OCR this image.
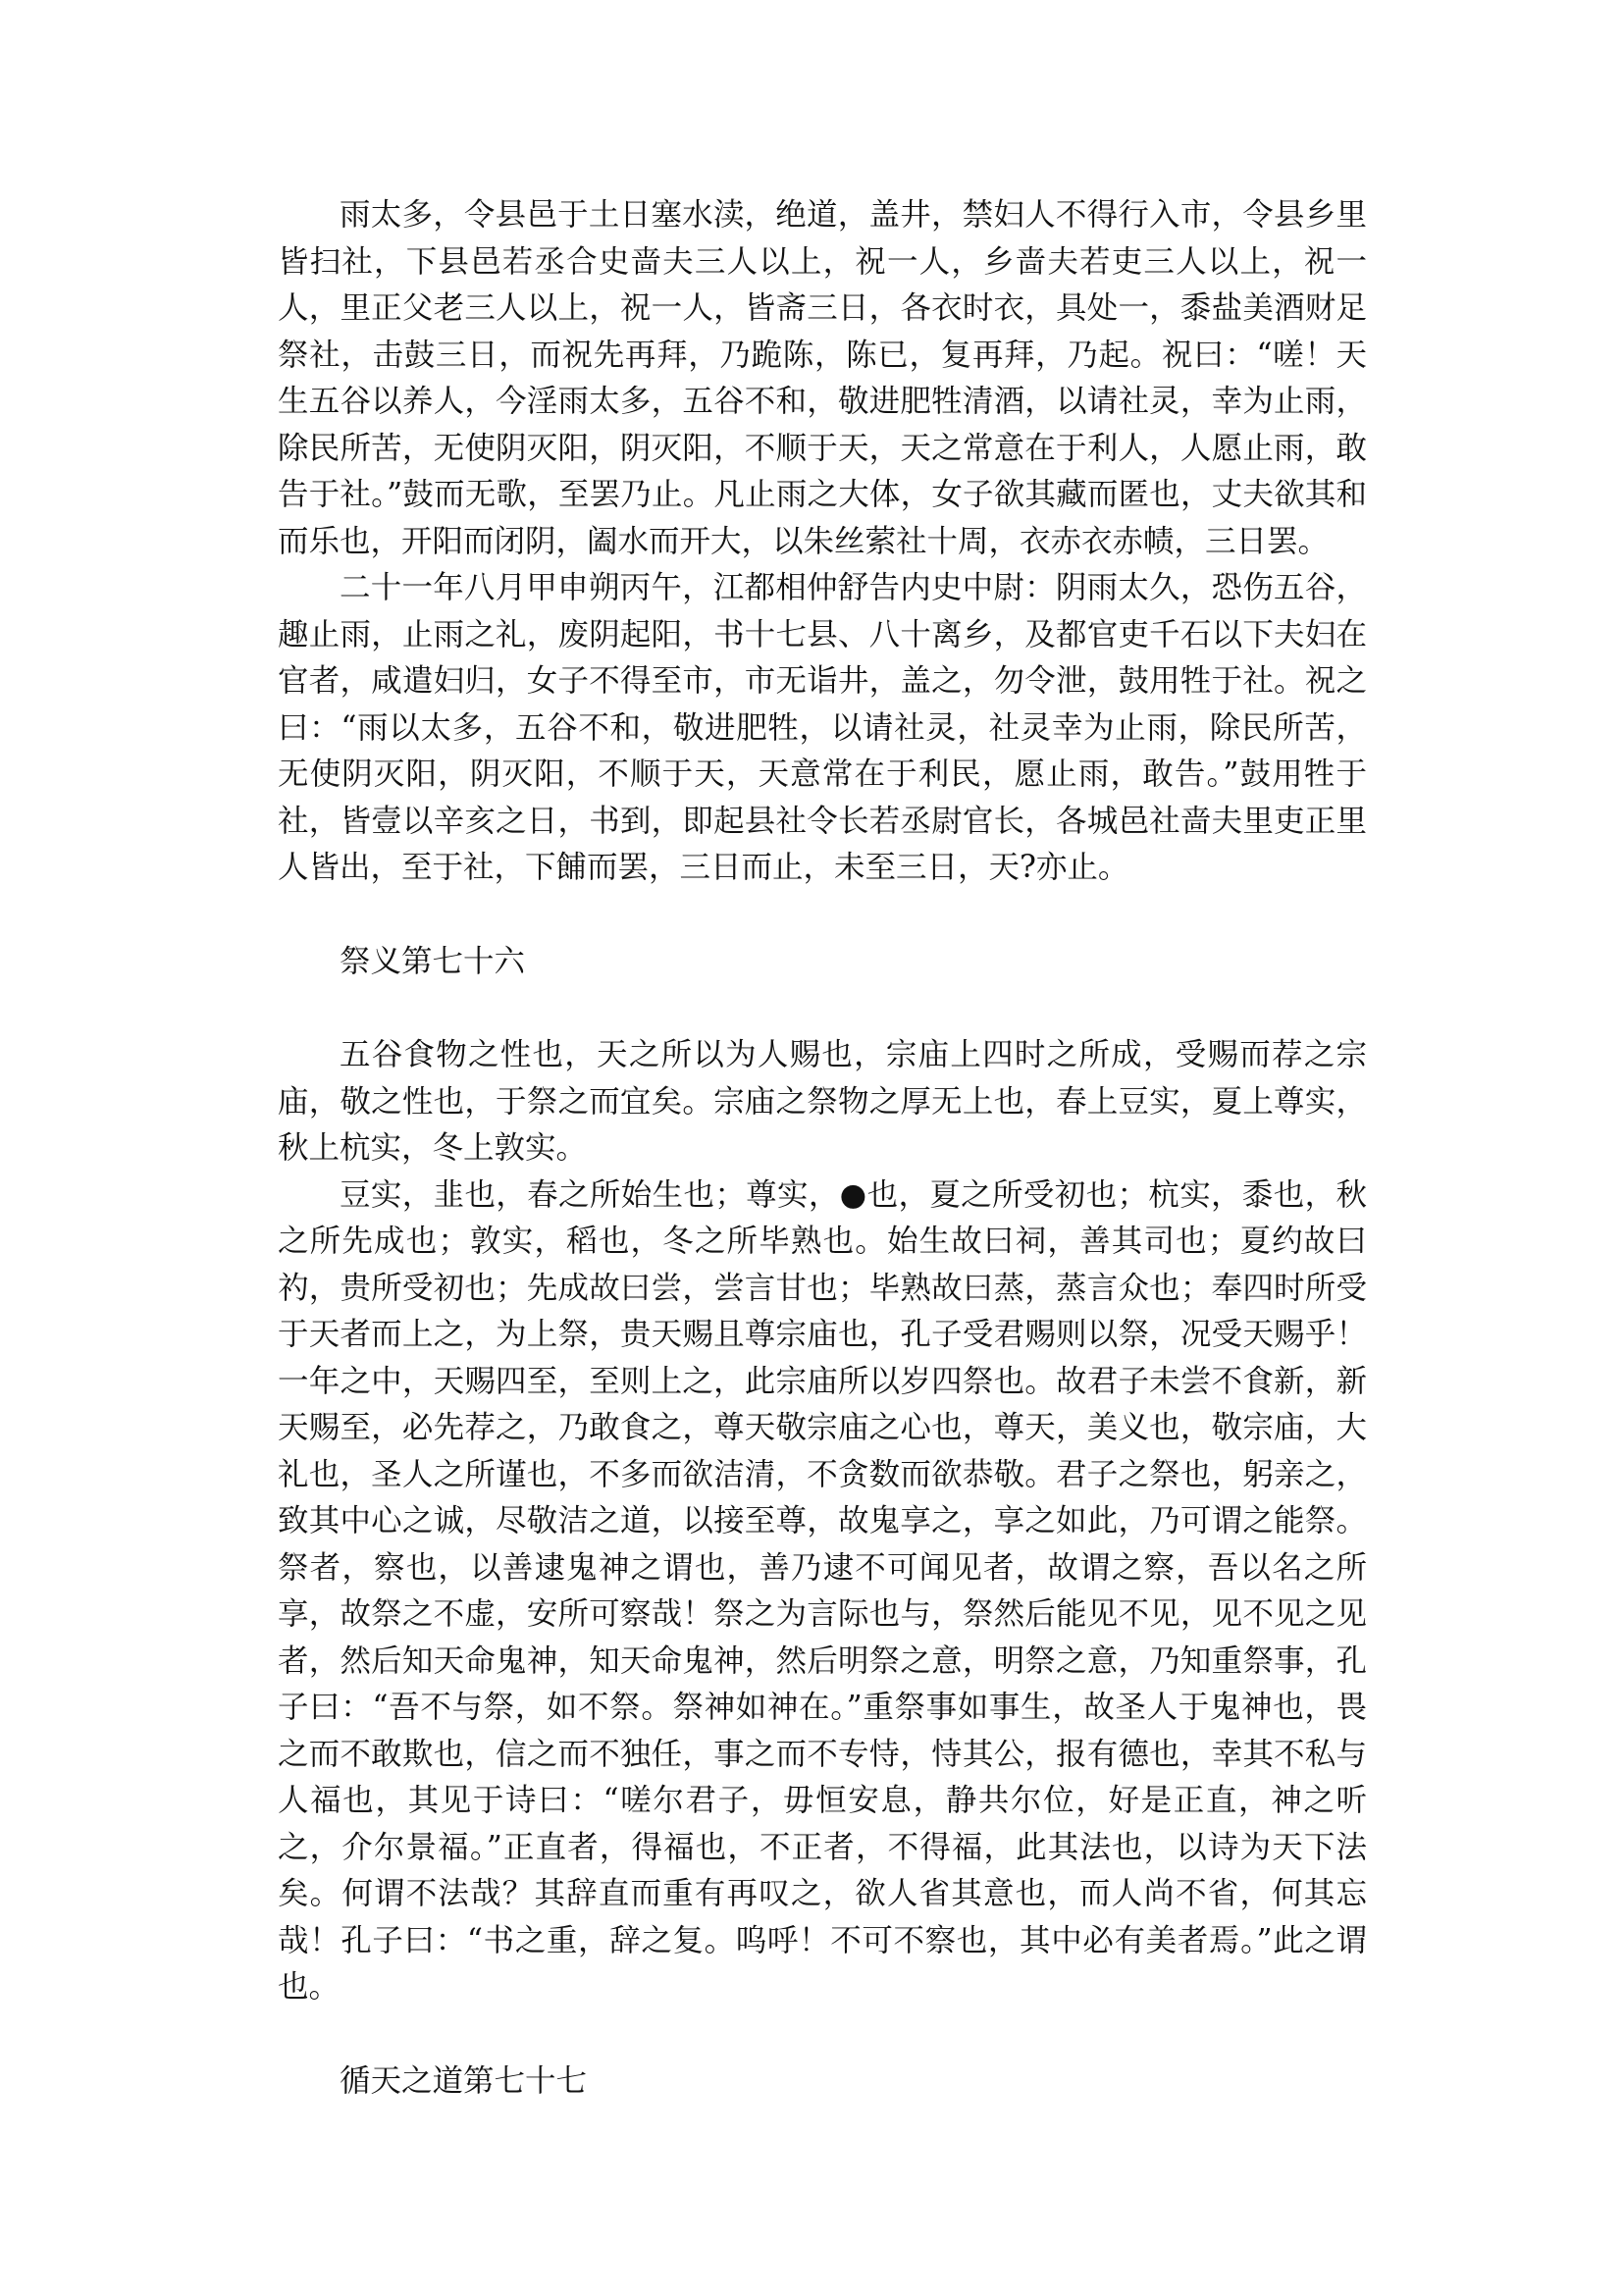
雨太多，令县邑于土日塞水渎，绝道，盖井，禁妇人不得行入市，令县乡里皆扫社，下县邑若丞合史啬夫三人以上，祝一人，乡啬夫若吏三人以上，祝一人，里正父老三人以上，祝一人，皆斋三日，各衣时衣，具处一，黍盐美酒财足祭社，击鼓三日，而祝先再拜，乃跪陈，陈已，复再拜，乃起。祝曰：“嗟！天生五谷以养人，今淫雨太多，五谷不和，敬进肥牲清酒，以请社灵，幸为止雨，除民所苦，无使阴灭阳，阴灭阳，不顺于天，天之常意在于利人，人愿止雨，敢告于社。”鼓而无歌，至罢乃止。凡止雨之大体，女子欲其藏而匿也，丈夫欲其和而乐也，开阳而闭阴，阖水而开大，以朱丝萦社十周，衣赤衣赤帻，三日罢。

二十一年八月甲申朔丙午，江都相仲舒告内史中尉：阴雨太久，恐伤五谷，趣止雨，止雨之礼，废阴起阳，书十七县、八十离乡，及都官吏千石以下夫妇在官者，咸遣妇归，女子不得至市，市无诣井，盖之，勿令泄，鼓用牲于社。祝之曰：“雨以太多，五谷不和，敬进肥牲，以请社灵，社灵幸为止雨，除民所苦，无使阴灭阳，阴灭阳，不顺于天，天意常在于利民，愿止雨，敢告。”鼓用牲于社，皆壹以辛亥之日，书到，即起县社令长若丞尉官长，各城邑社啬夫里吏正里人皆出，至于社，下餔而罢，三日而止，未至三日，天?亦止。

祭义第七十六

五谷食物之性也，天之所以为人赐也，宗庙上四时之所成，受赐而荐之宗庙，敬之性也，于祭之而宜矣。宗庙之祭物之厚无上也，春上豆实，夏上尊实，秋上杭实，冬上敦实。

豆实，韭也，春之所始生也；尊实，●也，夏之所受初也；杭实，黍也，秋之所先成也；敦实，稻也，冬之所毕熟也。始生故曰祠，善其司也；夏约故曰礿，贵所受初也；先成故曰尝，尝言甘也；毕熟故曰蒸，蒸言众也；奉四时所受于天者而上之，为上祭，贵天赐且尊宗庙也，孔子受君赐则以祭，况受天赐乎！一年之中，天赐四至，至则上之，此宗庙所以岁四祭也。故君子未尝不食新，新天赐至，必先荐之，乃敢食之，尊天敬宗庙之心也，尊天，美义也，敬宗庙，大礼也，圣人之所谨也，不多而欲洁清，不贪数而欲恭敬。君子之祭也，躬亲之，致其中心之诚，尽敬洁之道，以接至尊，故鬼享之，享之如此，乃可谓之能祭。祭者，察也，以善逮鬼神之谓也，善乃逮不可闻见者，故谓之察，吾以名之所享，故祭之不虚，安所可察哉！祭之为言际也与，祭然后能见不见，见不见之见者，然后知天命鬼神，知天命鬼神，然后明祭之意，明祭之意，乃知重祭事，孔子曰：“吾不与祭，如不祭。祭神如神在。”重祭事如事生，故圣人于鬼神也，畏之而不敢欺也，信之而不独任，事之而不专恃，恃其公，报有德也，幸其不私与人福也，其见于诗曰：“嗟尔君子，毋恒安息，静共尔位，好是正直，神之听之，介尔景福。”正直者，得福也，不正者，不得福，此其法也，以诗为天下法矣。何谓不法哉？其辞直而重有再叹之，欲人省其意也，而人尚不省，何其忘哉！孔子曰：“书之重，辞之复。呜呼！不可不察也，其中必有美者焉。”此之谓也。

循天之道第七十七
